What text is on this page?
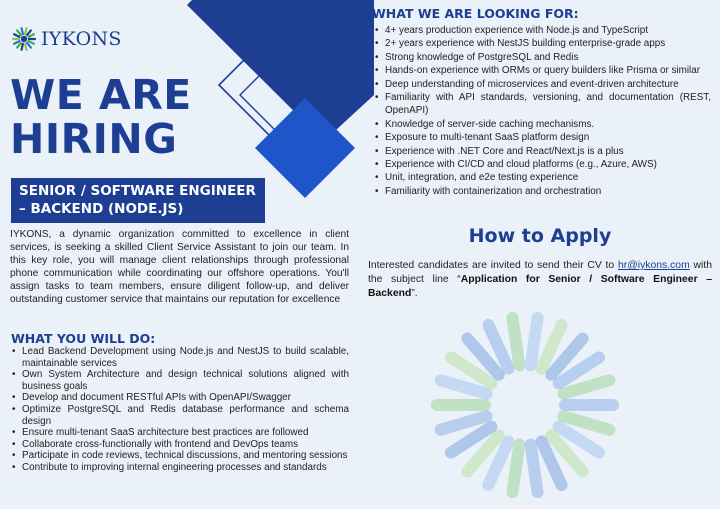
IYKONS
WE ARE
HIRING
SENIOR / SOFTWARE ENGINEER
– BACKEND (NODE.JS)

IYKONS, a dynamic organization committed to excellence in client services, is seeking a skilled Client Service Assistant to join our team. In this key role, you will manage client relationships through professional phone communication while coordinating our offshore operations. You'll assign tasks to team members, ensure diligent follow-up, and deliver outstanding customer service that maintains our reputation for excellence

WHAT YOU WILL DO:
• Lead Backend Development using Node.js and NestJS to build scalable, maintainable services
• Own System Architecture and design technical solutions aligned with business goals
• Develop and document RESTful APIs with OpenAPI/Swagger
• Optimize PostgreSQL and Redis database performance and schema design
• Ensure multi-tenant SaaS architecture best practices are followed
• Collaborate cross-functionally with frontend and DevOps teams
• Participate in code reviews, technical discussions, and mentoring sessions
• Contribute to improving internal engineering processes and standards
WHAT WE ARE LOOKING FOR:
• 4+ years production experience with Node.js and TypeScript
• 2+ years experience with NestJS building enterprise-grade apps
• Strong knowledge of PostgreSQL and Redis
• Hands-on experience with ORMs or query builders like Prisma or similar
• Deep understanding of microservices and event-driven architecture
• Familiarity with API standards, versioning, and documentation (REST, OpenAPI)
• Knowledge of server-side caching mechanisms.
• Exposure to multi-tenant SaaS platform design
• Experience with .NET Core and React/Next.js is a plus
• Experience with CI/CD and cloud platforms (e.g., Azure, AWS)
• Unit, integration, and e2e testing experience
• Familiarity with containerization and orchestration
How to Apply

Interested candidates are invited to send their CV to hr@iykons.com with the subject line “Application for Senior / Software Engineer – Backend”.
